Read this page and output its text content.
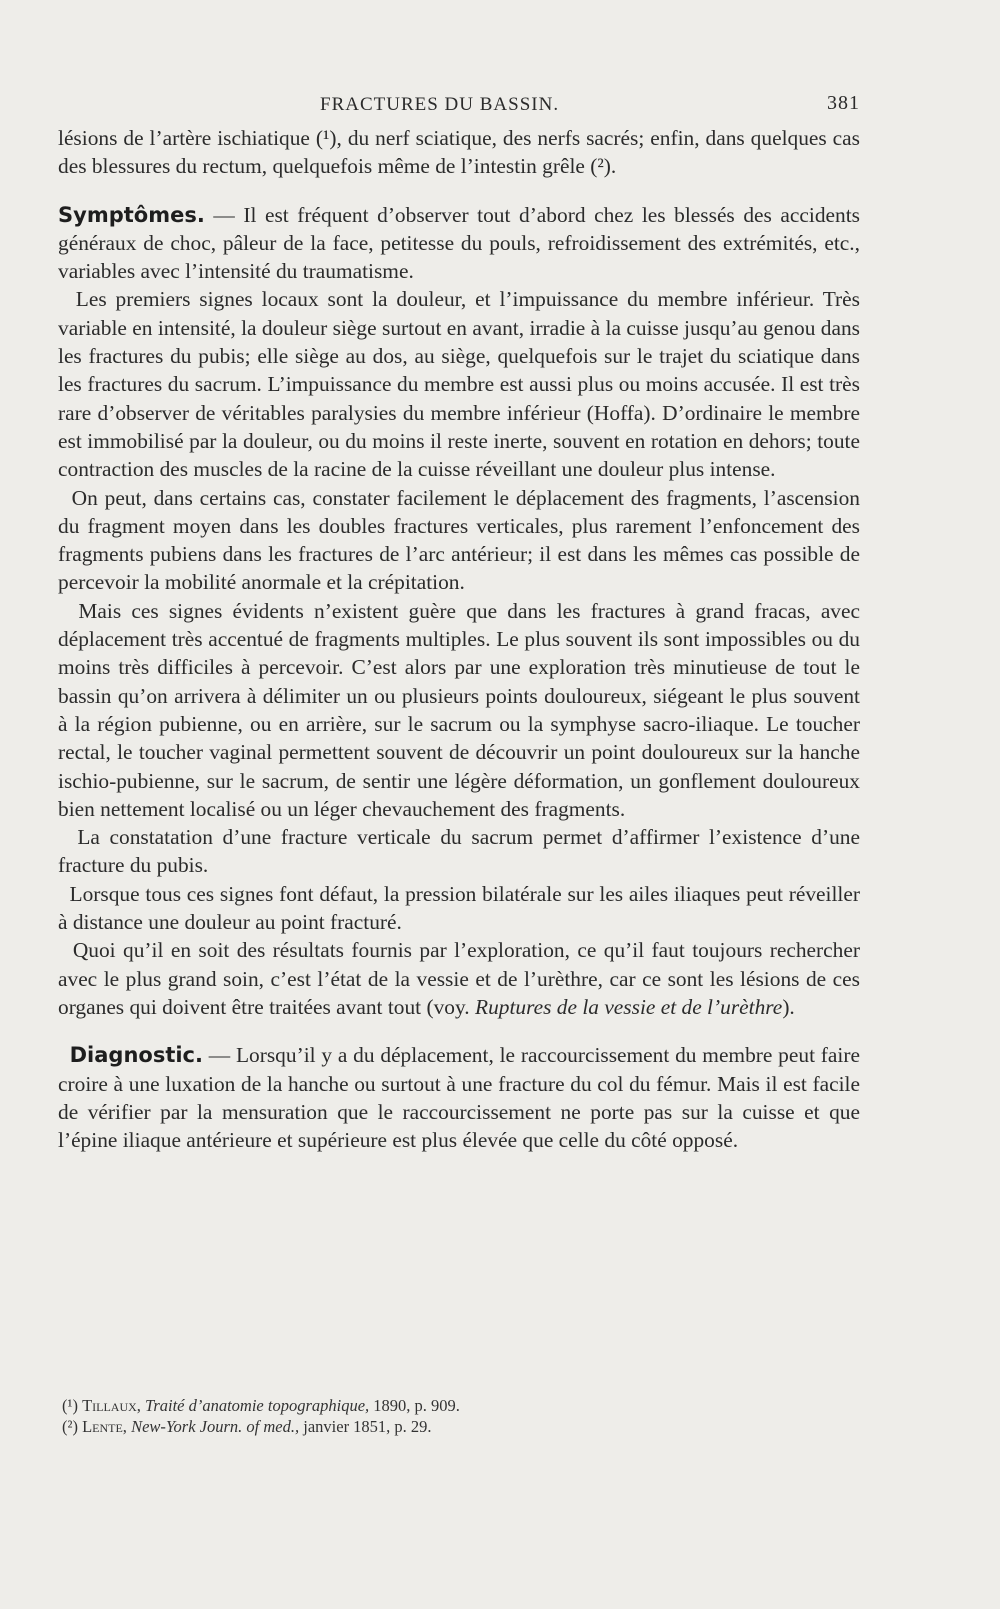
FRACTURES DU BASSIN.	381

lésions de l’artère ischiatique (¹), du nerf sciatique, des nerfs sacrés; enfin, dans quelques cas des blessures du rectum, quelquefois même de l’intestin grêle (²).

Symptômes. — Il est fréquent d’observer tout d’abord chez les blessés des accidents généraux de choc, pâleur de la face, petitesse du pouls, refroidissement des extrémités, etc., variables avec l’intensité du traumatisme.

Les premiers signes locaux sont la douleur, et l’impuissance du membre inférieur. Très variable en intensité, la douleur siège surtout en avant, irradie à la cuisse jusqu’au genou dans les fractures du pubis; elle siège au dos, au siège, quelquefois sur le trajet du sciatique dans les fractures du sacrum. L’impuissance du membre est aussi plus ou moins accusée. Il est très rare d’observer de véritables paralysies du membre inférieur (Hoffa). D’ordinaire le membre est immobilisé par la douleur, ou du moins il reste inerte, souvent en rotation en dehors; toute contraction des muscles de la racine de la cuisse réveillant une douleur plus intense.

On peut, dans certains cas, constater facilement le déplacement des fragments, l’ascension du fragment moyen dans les doubles fractures verticales, plus rarement l’enfoncement des fragments pubiens dans les fractures de l’arc antérieur; il est dans les mêmes cas possible de percevoir la mobilité anormale et la crépitation.

Mais ces signes évidents n’existent guère que dans les fractures à grand fracas, avec déplacement très accentué de fragments multiples. Le plus souvent ils sont impossibles ou du moins très difficiles à percevoir. C’est alors par une exploration très minutieuse de tout le bassin qu’on arrivera à délimiter un ou plusieurs points douloureux, siégeant le plus souvent à la région pubienne, ou en arrière, sur le sacrum ou la symphyse sacro-iliaque. Le toucher rectal, le toucher vaginal permettent souvent de découvrir un point douloureux sur la hanche ischio-pubienne, sur le sacrum, de sentir une légère déformation, un gonflement douloureux bien nettement localisé ou un léger chevauchement des fragments.

La constatation d’une fracture verticale du sacrum permet d’affirmer l’existence d’une fracture du pubis.

Lorsque tous ces signes font défaut, la pression bilatérale sur les ailes iliaques peut réveiller à distance une douleur au point fracturé.

Quoi qu’il en soit des résultats fournis par l’exploration, ce qu’il faut toujours rechercher avec le plus grand soin, c’est l’état de la vessie et de l’urèthre, car ce sont les lésions de ces organes qui doivent être traitées avant tout (voy. Ruptures de la vessie et de l’urèthre).

Diagnostic. — Lorsqu’il y a du déplacement, le raccourcissement du membre peut faire croire à une luxation de la hanche ou surtout à une fracture du col du fémur. Mais il est facile de vérifier par la mensuration que le raccourcissement ne porte pas sur la cuisse et que l’épine iliaque antérieure et supérieure est plus élevée que celle du côté opposé.

(¹) Tillaux, Traité d’anatomie topographique, 1890, p. 909.

(²) Lente, New-York Journ. of med., janvier 1851, p. 29.
